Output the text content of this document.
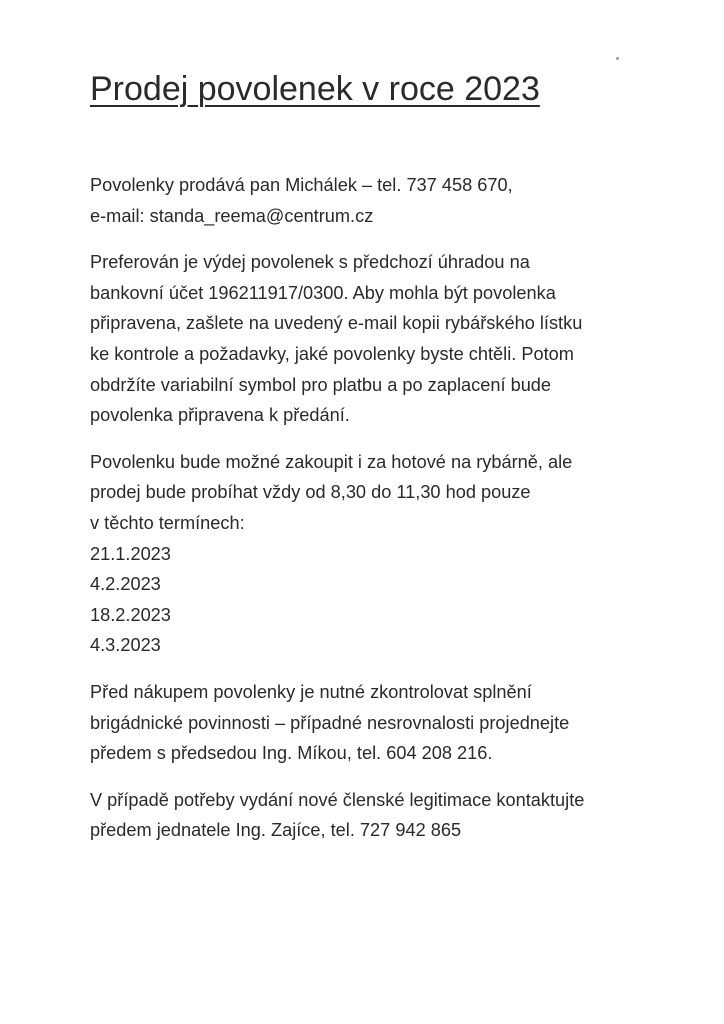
Prodej povolenek v roce 2023

Povolenky prodává pan Michálek – tel. 737 458 670,
e-mail: standa_reema@centrum.cz

Preferován je výdej povolenek s předchozí úhradou na
bankovní účet 196211917/0300. Aby mohla být povolenka
připravena, zašlete na uvedený e-mail kopii rybářského lístku
ke kontrole a požadavky, jaké povolenky byste chtěli. Potom
obdržíte variabilní symbol pro platbu a po zaplacení bude
povolenka připravena k předání.

Povolenku bude možné zakoupit i za hotové na rybárně, ale
prodej bude probíhat vždy od 8,30 do 11,30 hod pouze
v těchto termínech:
21.1.2023
4.2.2023
18.2.2023
4.3.2023

Před nákupem povolenky je nutné zkontrolovat splnění
brigádnické povinnosti – případné nesrovnalosti projednejte
předem s předsedou Ing. Míkou, tel. 604 208 216.

V případě potřeby vydání nové členské legitimace kontaktujte
předem jednatele Ing. Zajíce, tel. 727 942 865
